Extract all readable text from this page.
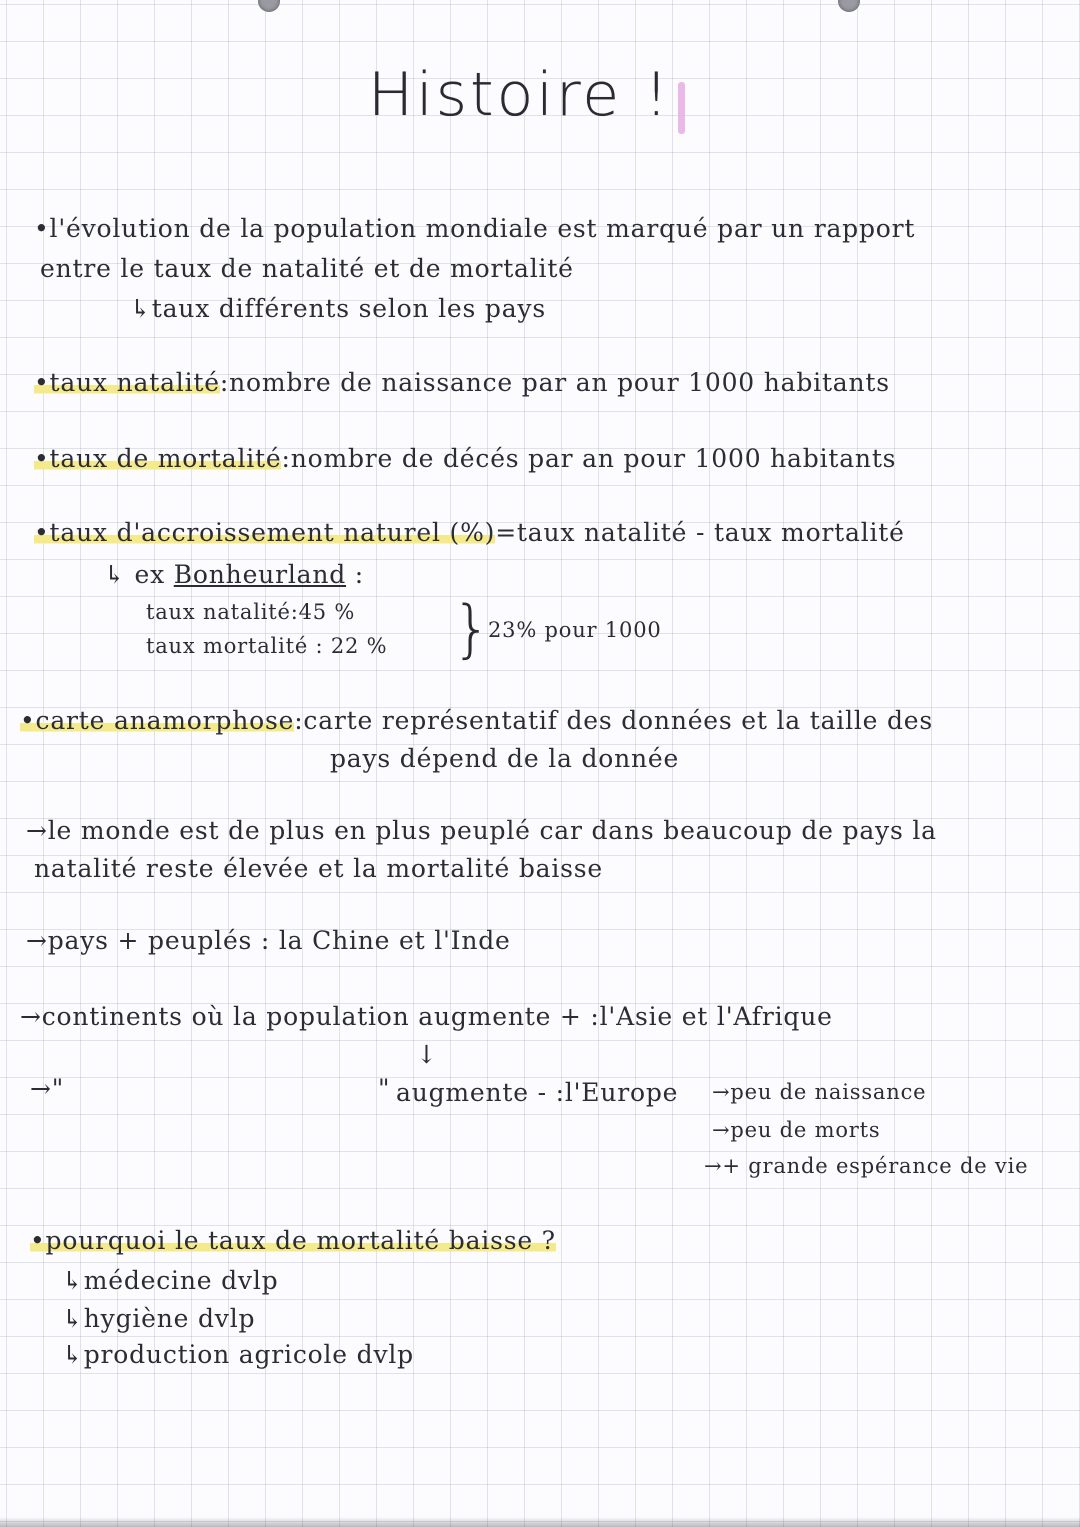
Histoire !
•l'évolution de la population mondiale est marqué par un rapport
entre le taux de natalité et de mortalité
↳taux différents selon les pays
•taux natalité:nombre de naissance par an pour 1000 habitants
•taux de mortalité:nombre de décés par an pour 1000 habitants
•taux d'accroissement naturel (%)=taux natalité - taux mortalité
↳ ex Bonheurland :
taux natalité:45 %
taux mortalité : 22 % }
23% pour 1000
•carte anamorphose:carte représentatif des données et la taille des
pays dépend de la donnée
→le monde est de plus en plus peuplé car dans beaucoup de pays la
natalité reste élevée et la mortalité baisse
→pays + peuplés : la Chine et l'Inde
→continents où la population augmente + :l'Asie et l'Afrique
↓
→"	" augmente - :l'Europe →peu de naissance
→peu de morts
→+ grande espérance de vie
•pourquoi le taux de mortalité baisse ?
↳médecine dvlp
↳hygiène dvlp
↳production agricole dvlp
